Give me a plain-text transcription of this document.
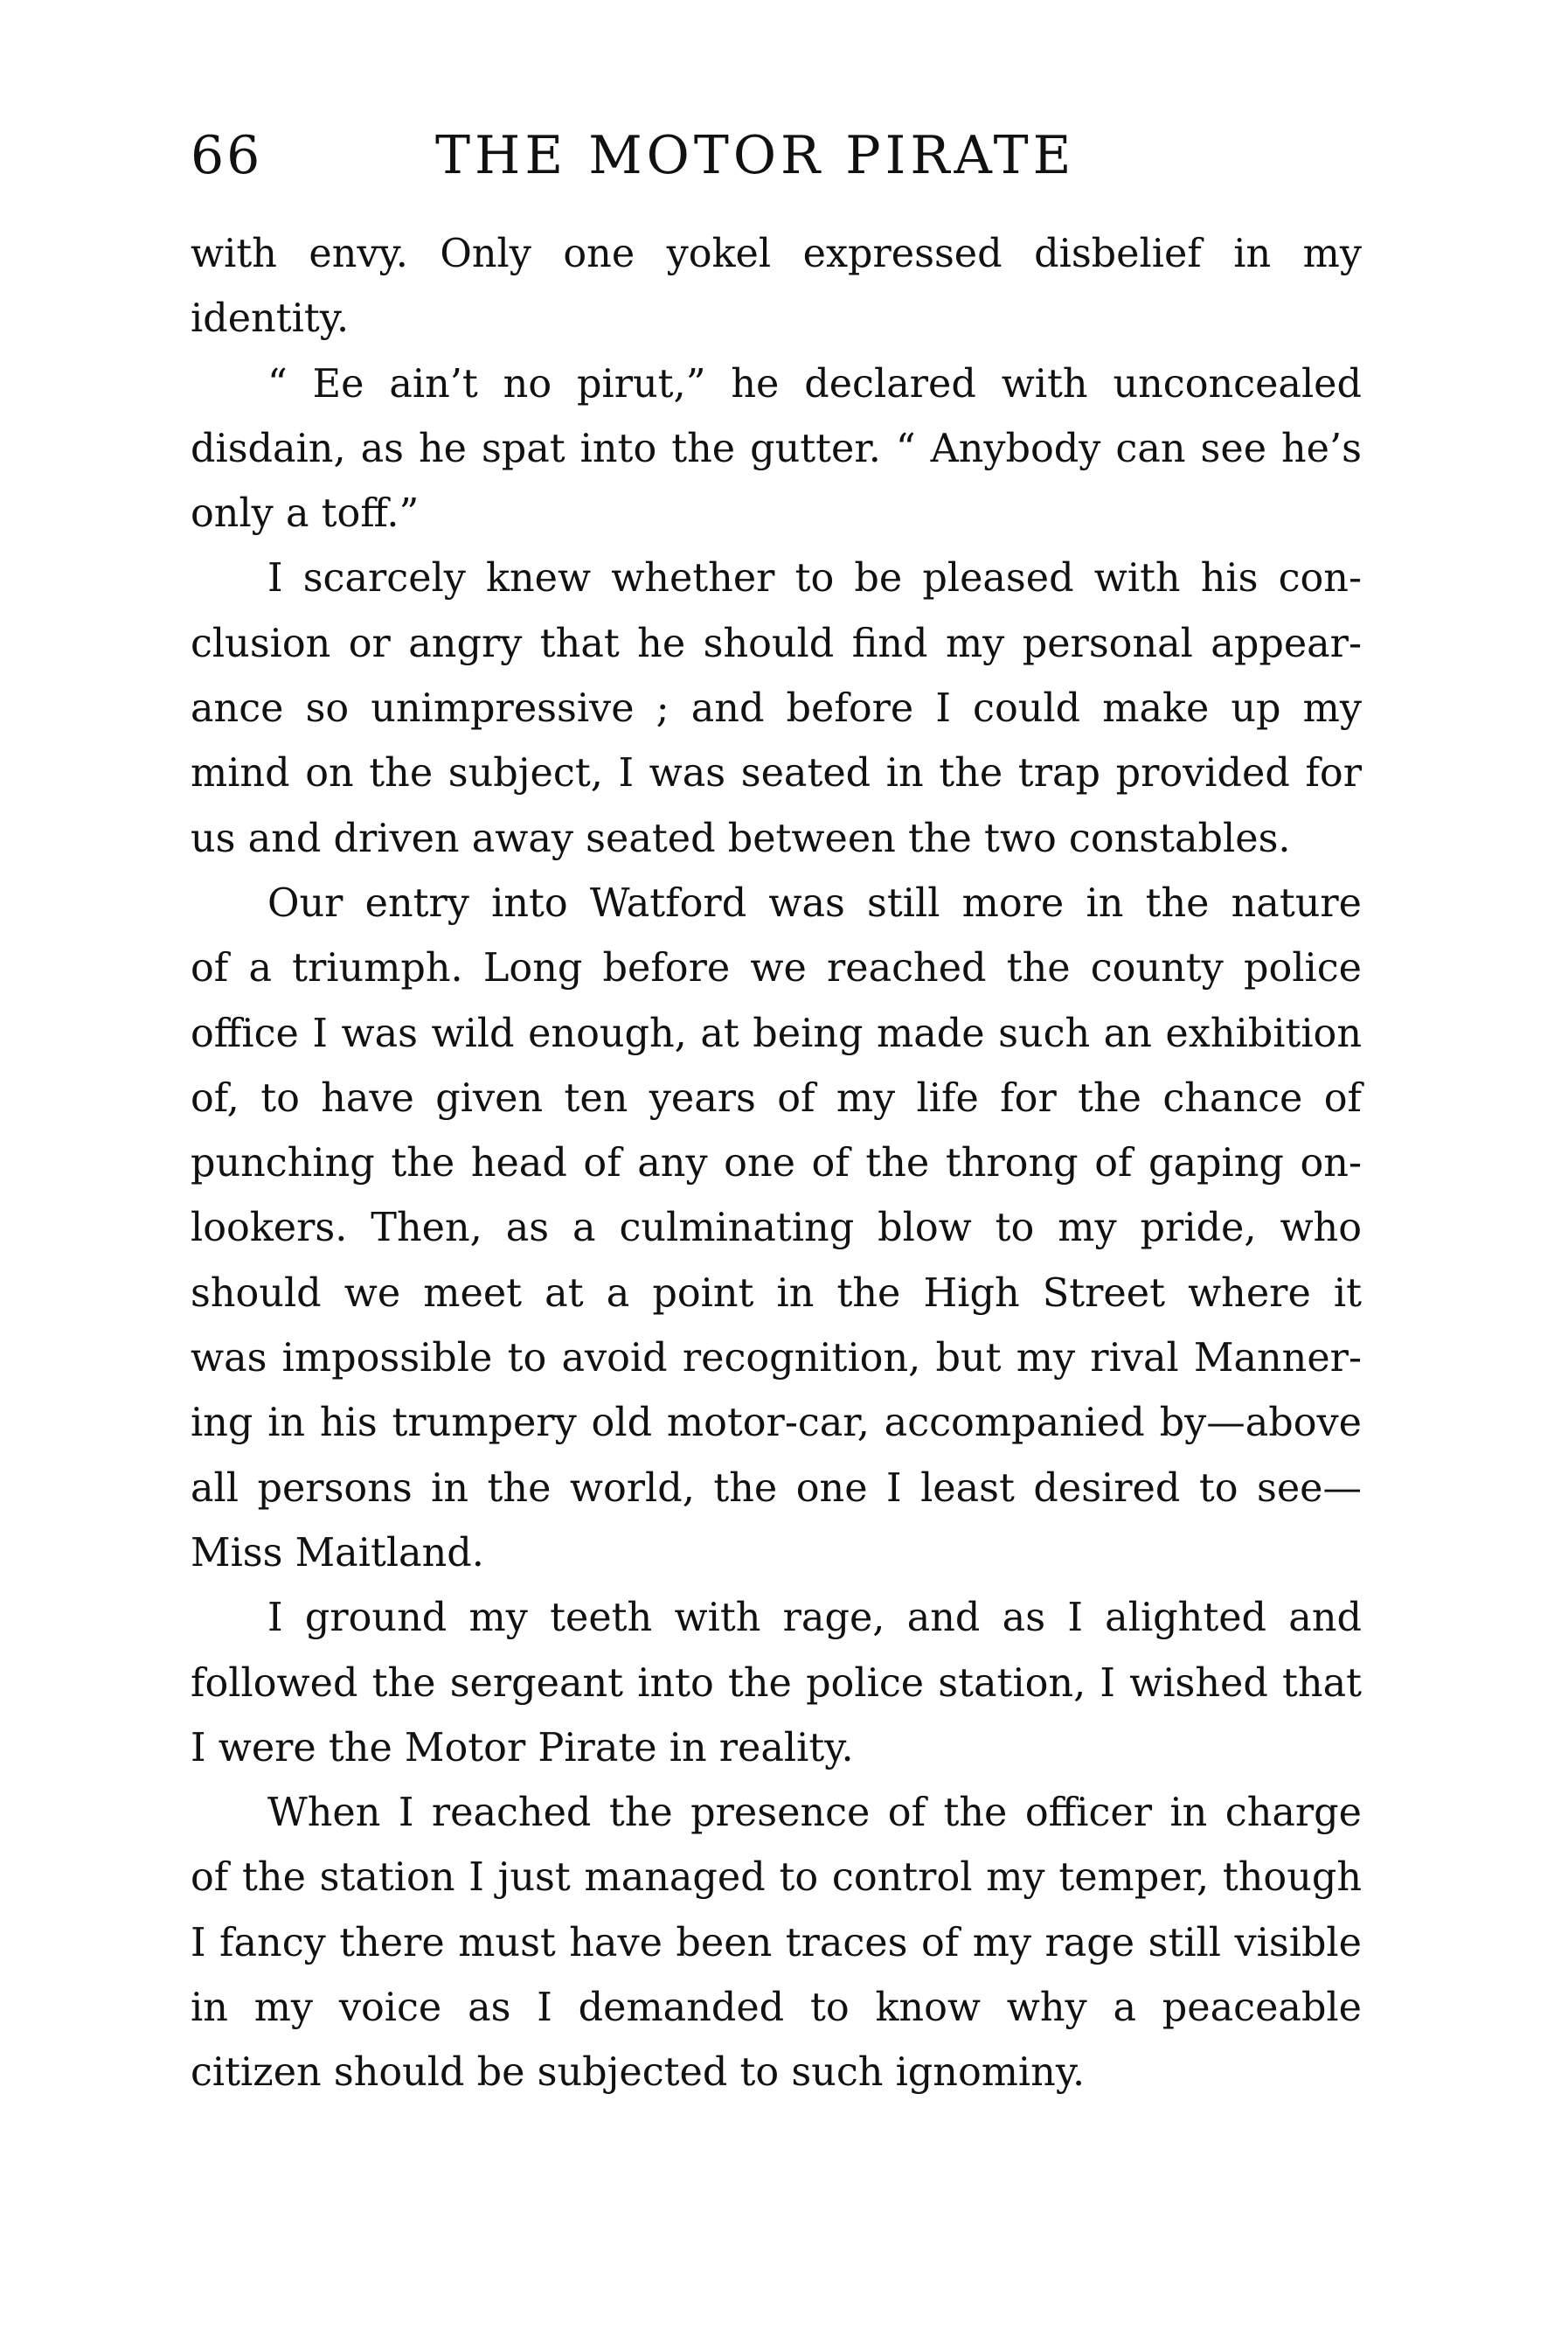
66	THE MOTOR PIRATE
with envy. Only one yokel expressed disbelief in my
identity.
“ Ee ain’t no pirut,” he declared with unconcealed
disdain, as he spat into the gutter. “ Anybody can see he’s
only a toff.”
I scarcely knew whether to be pleased with his con-
clusion or angry that he should find my personal appear-
ance so unimpressive ; and before I could make up my
mind on the subject, I was seated in the trap provided for
us and driven away seated between the two constables.
Our entry into Watford was still more in the nature
of a triumph. Long before we reached the county police
office I was wild enough, at being made such an exhibition
of, to have given ten years of my life for the chance of
punching the head of any one of the throng of gaping on-
lookers. Then, as a culminating blow to my pride, who
should we meet at a point in the High Street where it
was impossible to avoid recognition, but my rival Manner-
ing in his trumpery old motor-car, accompanied by—above
all persons in the world, the one I least desired to see—
Miss Maitland.
I ground my teeth with rage, and as I alighted and
followed the sergeant into the police station, I wished that
I were the Motor Pirate in reality.
When I reached the presence of the officer in charge
of the station I just managed to control my temper, though
I fancy there must have been traces of my rage still visible
in my voice as I demanded to know why a peaceable
citizen should be subjected to such ignominy.
